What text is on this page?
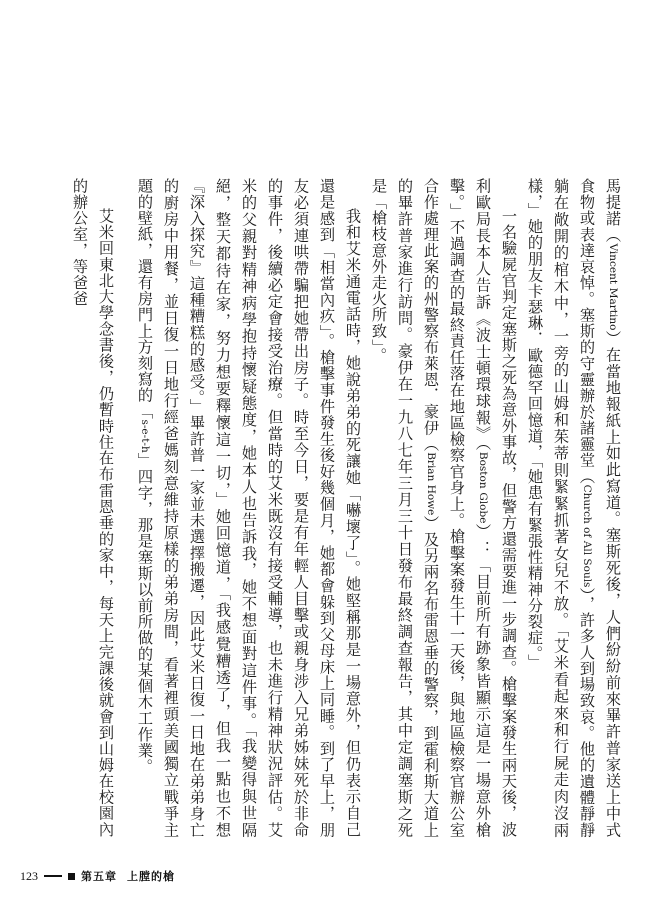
馬提諾（Vincent Martino）在當地報紙上如此寫道。塞斯死後，人們紛紛前來畢許普家送上中式食物或表達哀悼。塞斯的守靈辦於諸靈堂（Church of All Souls），許多人到場致哀。他的遺體靜靜躺在敞開的棺木中，一旁的山姆和茱蒂則緊緊抓著女兒不放。「艾米看起來和行屍走肉沒兩樣，」她的朋友卡瑟琳．歐德罕回憶道，「她患有緊張性精神分裂症。」

一名驗屍官判定塞斯之死為意外事故，但警方還需要進一步調查。槍擊案發生兩天後，波利歐局長本人告訴《波士頓環球報》（Boston Globe）：「目前所有跡象皆顯示這是一場意外槍擊。」不過調查的最終責任落在地區檢察官身上。槍擊案發生十一天後，與地區檢察官辦公室合作處理此案的州警察布萊恩．豪伊（Brian Howe）及另兩名布雷恩垂的警察，到霍利斯大道上的畢許普家進行訪問。豪伊在一九八七年三月三十日發布最終調查報告，其中定調塞斯之死是「槍枝意外走火所致」。

我和艾米通電話時，她說弟弟的死讓她「嚇壞了」。她堅稱那是一場意外，但仍表示自己還是感到「相當內疚」。槍擊事件發生後好幾個月，她都會躲到父母床上同睡。到了早上，朋友必須連哄帶騙把她帶出房子。時至今日，要是有年輕人目擊或親身涉入兄弟姊妹死於非命的事件，後續必定會接受治療。但當時的艾米既沒有接受輔導，也未進行精神狀況評估。艾米的父親對精神病學抱持懷疑態度，她本人也告訴我，她不想面對這件事。「我變得與世隔絕，整天都待在家，努力想要釋懷這一切，」她回憶道，「我感覺糟透了，但我一點也不想『深入探究』這種糟糕的感受。」畢許普一家並未選擇搬遷，因此艾米日復一日地在弟弟身亡的廚房中用餐，並日復一日地行經爸媽刻意維持原樣的弟弟房間，看著裡頭美國獨立戰爭主題的壁紙，還有房門上方刻寫的「s-e-t-h」四字，那是塞斯以前所做的某個木工作業。

艾米回東北大學念書後，仍暫時住在布雷恩垂的家中，每天上完課後就會到山姆在校園內的辦公室，等爸爸

123	第五章 上膛的槍
